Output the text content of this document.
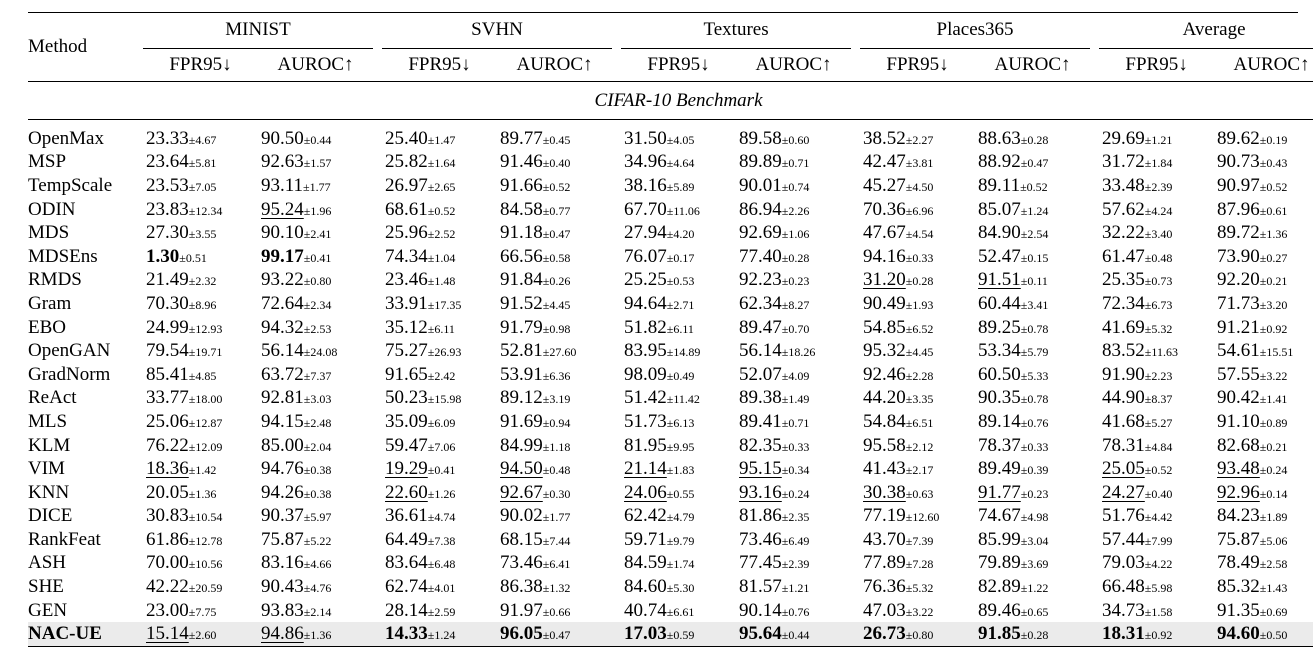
Method	MINIST			SVHN			Textures			Places365			Average	
	FPR95↓	AUROC↑		FPR95↓	AUROC↑		FPR95↓	AUROC↑		FPR95↓	AUROC↑		FPR95↓	AUROC↑
CIFAR-10 Benchmark														

OpenMax	23.33±4.67	90.50±0.44		25.40±1.47	89.77±0.45		31.50±4.05	89.58±0.60		38.52±2.27	88.63±0.28		29.69±1.21	89.62±0.19
MSP	23.64±5.81	92.63±1.57		25.82±1.64	91.46±0.40		34.96±4.64	89.89±0.71		42.47±3.81	88.92±0.47		31.72±1.84	90.73±0.43
TempScale	23.53±7.05	93.11±1.77		26.97±2.65	91.66±0.52		38.16±5.89	90.01±0.74		45.27±4.50	89.11±0.52		33.48±2.39	90.97±0.52
ODIN	23.83±12.34	95.24±1.96		68.61±0.52	84.58±0.77		67.70±11.06	86.94±2.26		70.36±6.96	85.07±1.24		57.62±4.24	87.96±0.61
MDS	27.30±3.55	90.10±2.41		25.96±2.52	91.18±0.47		27.94±4.20	92.69±1.06		47.67±4.54	84.90±2.54		32.22±3.40	89.72±1.36
MDSEns	1.30±0.51	99.17±0.41		74.34±1.04	66.56±0.58		76.07±0.17	77.40±0.28		94.16±0.33	52.47±0.15		61.47±0.48	73.90±0.27
RMDS	21.49±2.32	93.22±0.80		23.46±1.48	91.84±0.26		25.25±0.53	92.23±0.23		31.20±0.28	91.51±0.11		25.35±0.73	92.20±0.21
Gram	70.30±8.96	72.64±2.34		33.91±17.35	91.52±4.45		94.64±2.71	62.34±8.27		90.49±1.93	60.44±3.41		72.34±6.73	71.73±3.20
EBO	24.99±12.93	94.32±2.53		35.12±6.11	91.79±0.98		51.82±6.11	89.47±0.70		54.85±6.52	89.25±0.78		41.69±5.32	91.21±0.92
OpenGAN	79.54±19.71	56.14±24.08		75.27±26.93	52.81±27.60		83.95±14.89	56.14±18.26		95.32±4.45	53.34±5.79		83.52±11.63	54.61±15.51
GradNorm	85.41±4.85	63.72±7.37		91.65±2.42	53.91±6.36		98.09±0.49	52.07±4.09		92.46±2.28	60.50±5.33		91.90±2.23	57.55±3.22
ReAct	33.77±18.00	92.81±3.03		50.23±15.98	89.12±3.19		51.42±11.42	89.38±1.49		44.20±3.35	90.35±0.78		44.90±8.37	90.42±1.41
MLS	25.06±12.87	94.15±2.48		35.09±6.09	91.69±0.94		51.73±6.13	89.41±0.71		54.84±6.51	89.14±0.76		41.68±5.27	91.10±0.89
KLM	76.22±12.09	85.00±2.04		59.47±7.06	84.99±1.18		81.95±9.95	82.35±0.33		95.58±2.12	78.37±0.33		78.31±4.84	82.68±0.21
VIM	18.36±1.42	94.76±0.38		19.29±0.41	94.50±0.48		21.14±1.83	95.15±0.34		41.43±2.17	89.49±0.39		25.05±0.52	93.48±0.24
KNN	20.05±1.36	94.26±0.38		22.60±1.26	92.67±0.30		24.06±0.55	93.16±0.24		30.38±0.63	91.77±0.23		24.27±0.40	92.96±0.14
DICE	30.83±10.54	90.37±5.97		36.61±4.74	90.02±1.77		62.42±4.79	81.86±2.35		77.19±12.60	74.67±4.98		51.76±4.42	84.23±1.89
RankFeat	61.86±12.78	75.87±5.22		64.49±7.38	68.15±7.44		59.71±9.79	73.46±6.49		43.70±7.39	85.99±3.04		57.44±7.99	75.87±5.06
ASH	70.00±10.56	83.16±4.66		83.64±6.48	73.46±6.41		84.59±1.74	77.45±2.39		77.89±7.28	79.89±3.69		79.03±4.22	78.49±2.58
SHE	42.22±20.59	90.43±4.76		62.74±4.01	86.38±1.32		84.60±5.30	81.57±1.21		76.36±5.32	82.89±1.22		66.48±5.98	85.32±1.43
GEN	23.00±7.75	93.83±2.14		28.14±2.59	91.97±0.66		40.74±6.61	90.14±0.76		47.03±3.22	89.46±0.65		34.73±1.58	91.35±0.69
NAC-UE	15.14±2.60	94.86±1.36		14.33±1.24	96.05±0.47		17.03±0.59	95.64±0.44		26.73±0.80	91.85±0.28		18.31±0.92	94.60±0.50
